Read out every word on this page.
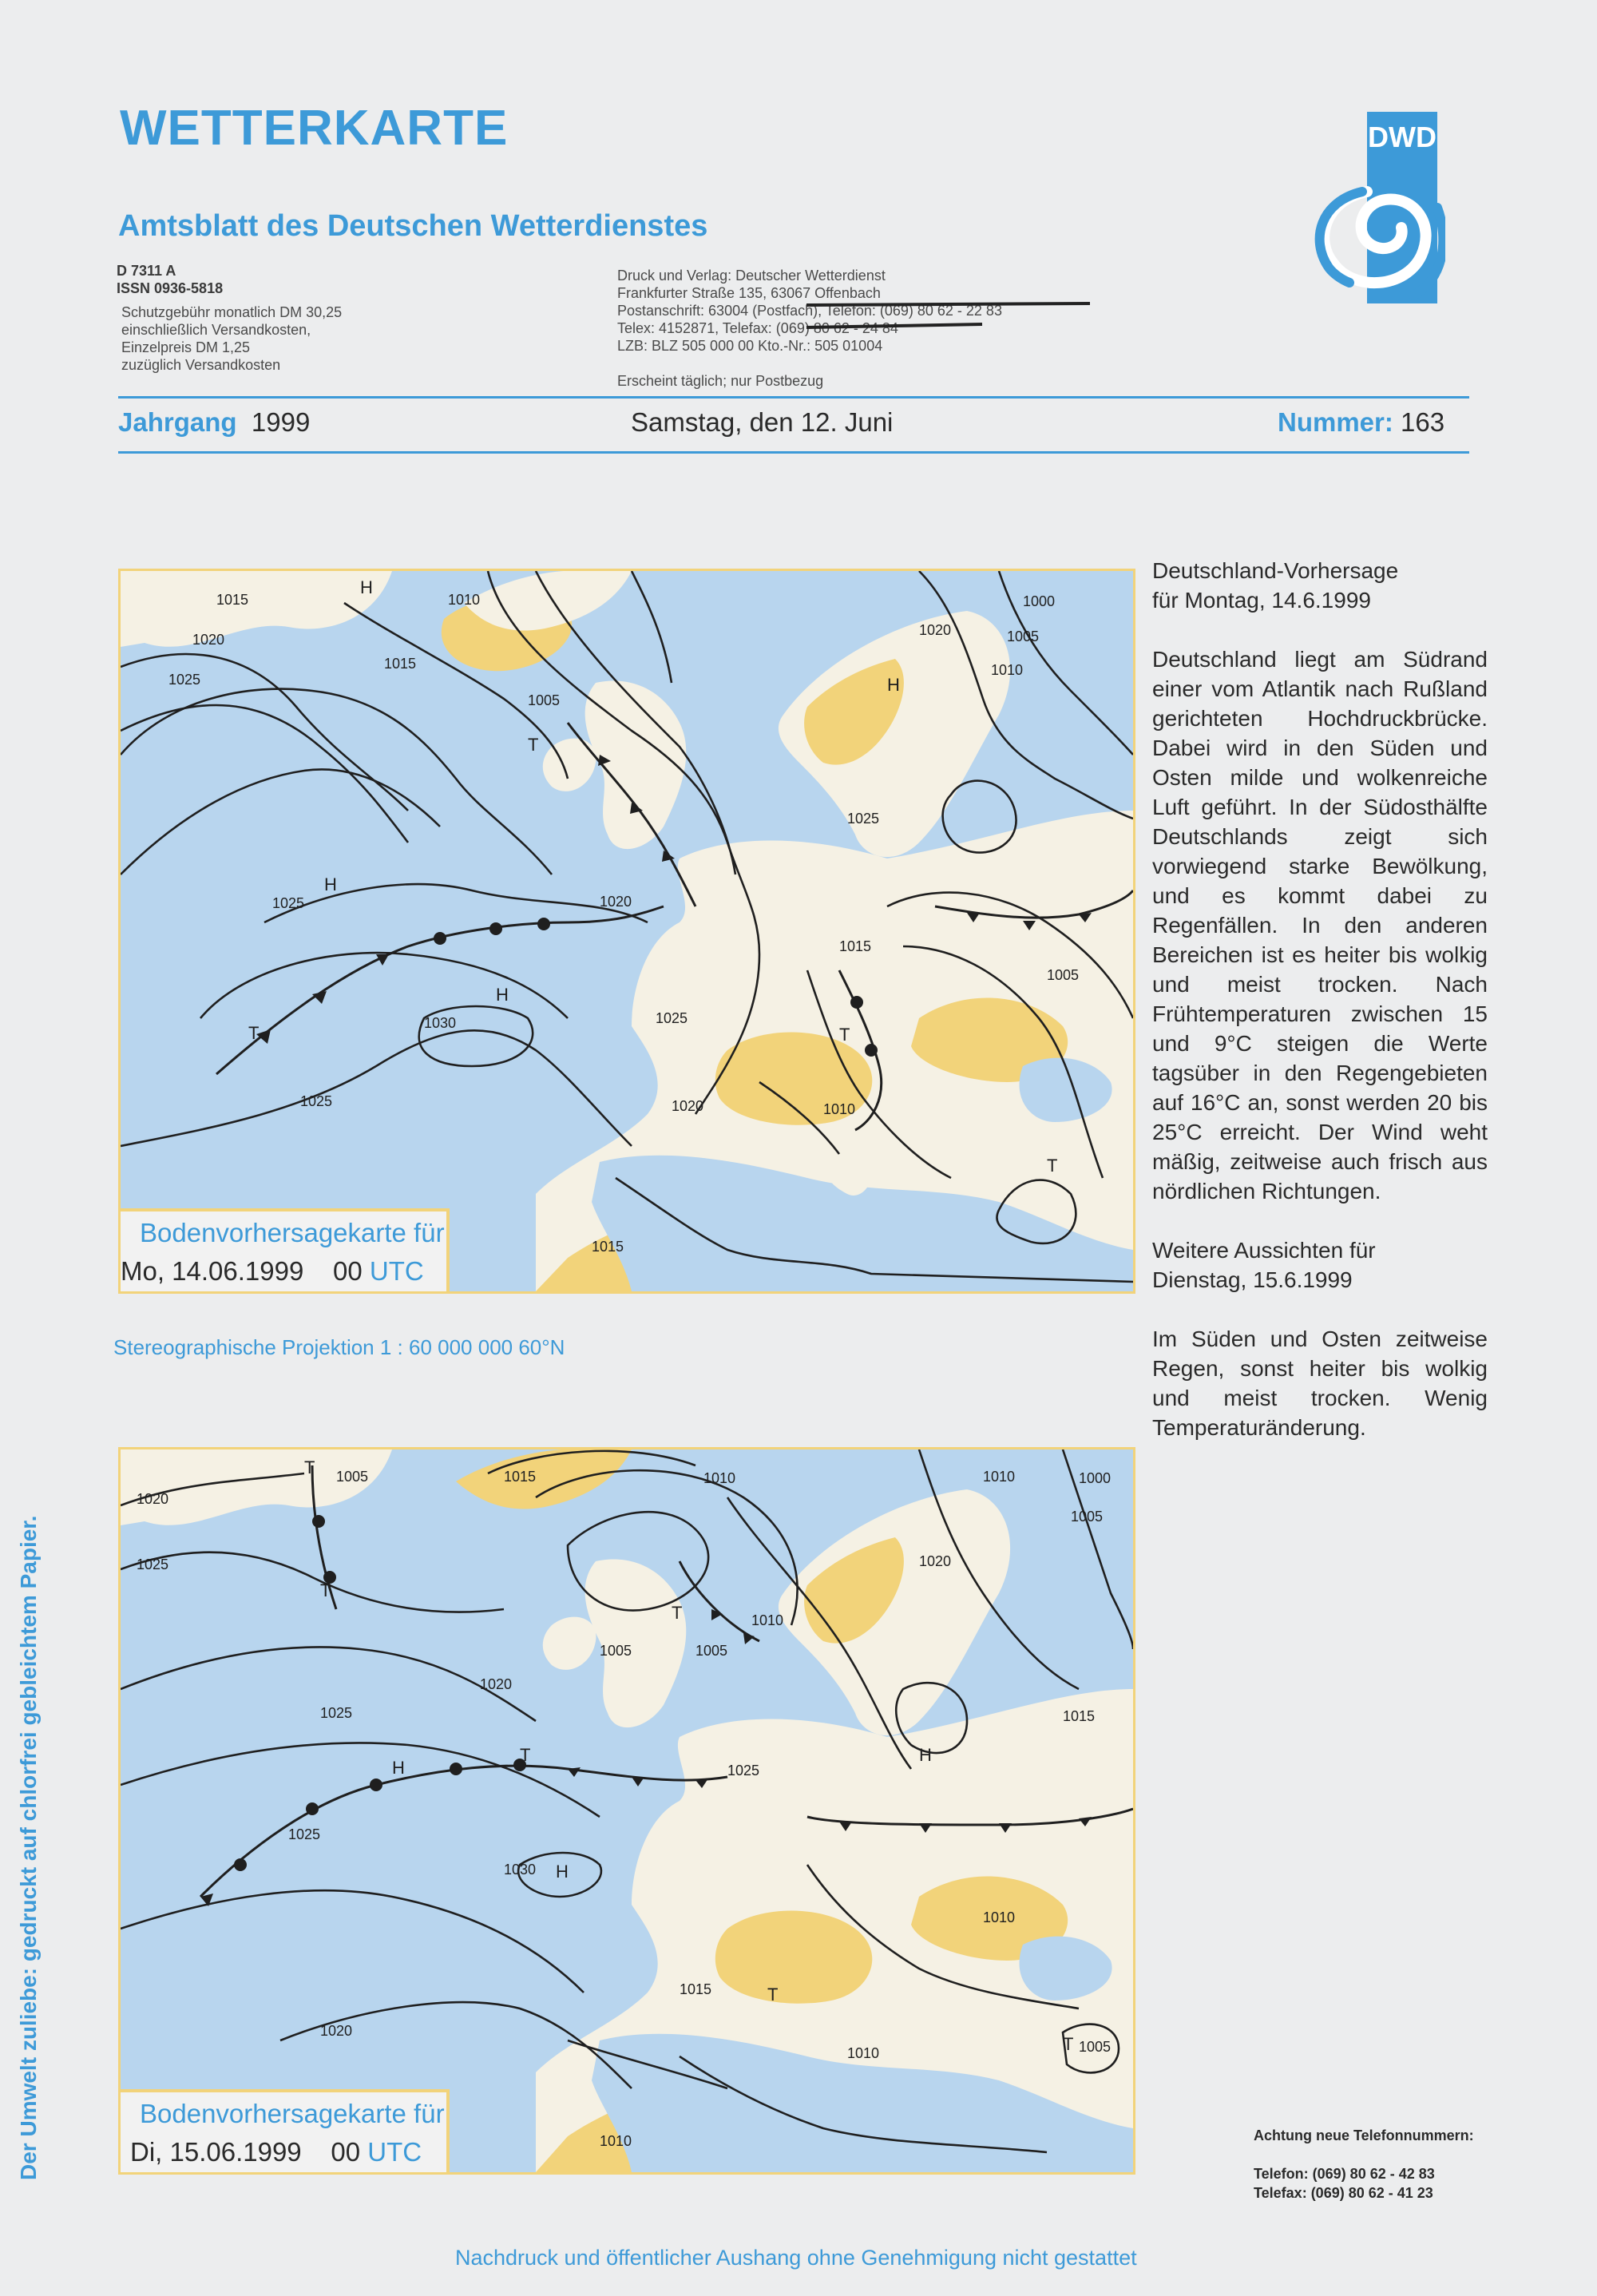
WETTERKARTE
Amtsblatt des Deutschen Wetterdienstes
D 7311 A
ISSN 0936-5818
Schutzgebühr monatlich DM 30,25
einschließlich Versandkosten,
Einzelpreis DM 1,25
zuzüglich Versandkosten
Druck und Verlag: Deutscher Wetterdienst
Frankfurter Straße 135, 63067 Offenbach
Postanschrift: 63004 (Postfach), Telefon: (069) 80 62 - 22 83
Telex: 4152871, Telefax: (069) 80 62 - 24 84
LZB: BLZ 505 000 00 Kto.-Nr.: 505 01004
Erscheint täglich; nur Postbezug
DWD
Jahrgang 1999	Samstag, den 12. Juni	Nummer: 163
1015
1020
1025
H
1010
1005
T
1015
1020
1025
H
1020
1025
1030
H
1025
1015
1020	1010
1005
T
H
1000
1005
1010
1025
T
1015
T
Bodenvorhersagekarte für
Mo, 14.06.1999 00 UTC
Stereographische Projektion 1 : 60 000 000 60°N
1020
1025
T 1005	1015	1010	1010	1000
1005
1020
1025
1020
T
T
1005	1005
1010
1025
H
T
1015
H
1025
1030 H
1015	T
1020
1010
T 1005
1010
1010
Bodenvorhersagekarte für
Di, 15.06.1999 00 UTC
Deutschland-Vorhersage
für Montag, 14.6.1999

Deutschland liegt am Südrand einer vom Atlantik nach Rußland gerichteten Hochdruckbrücke. Dabei wird in den Süden und Osten milde und wolkenreiche Luft geführt. In der Südosthälfte Deutschlands zeigt sich vorwiegend starke Bewölkung, und es kommt dabei zu Regenfällen. In den anderen Bereichen ist es heiter bis wolkig und meist trocken. Nach Frühtemperaturen zwischen 15 und 9°C steigen die Werte tagsüber in den Regengebieten auf 16°C an, sonst werden 20 bis 25°C erreicht. Der Wind weht mäßig, zeitweise auch frisch aus nördlichen Richtungen.

Weitere Aussichten für
Dienstag, 15.6.1999

Im Süden und Osten zeitweise Regen, sonst heiter bis wolkig und meist trocken. Wenig Temperaturänderung.

Achtung neue Telefonnummern:
Telefon: (069) 80 62 - 42 83
Telefax: (069) 80 62 - 41 23
Der Umwelt zuliebe: gedruckt auf chlorfrei gebleichtem Papier.
Nachdruck und öffentlicher Aushang ohne Genehmigung nicht gestattet
